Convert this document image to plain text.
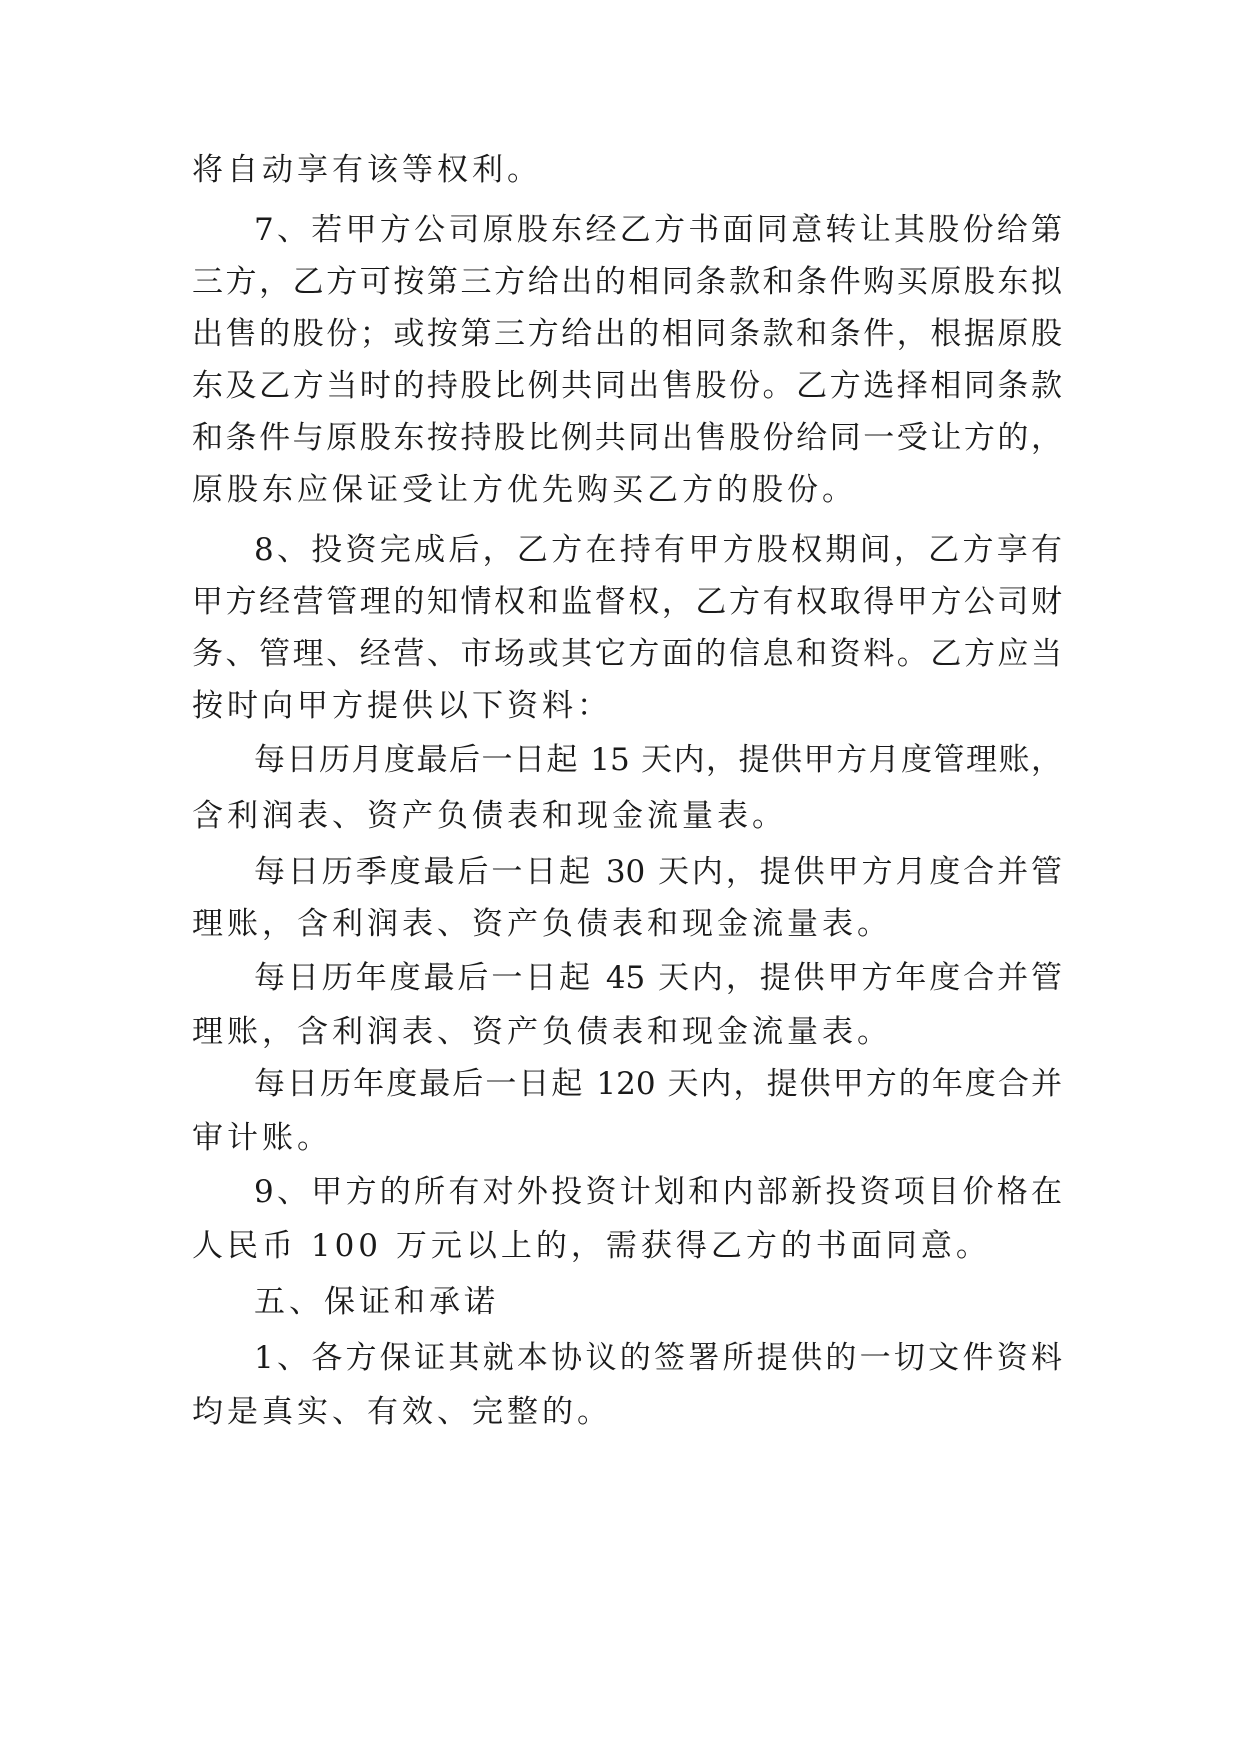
将自动享有该等权利。
7、若甲方公司原股东经乙方书面同意转让其股份给第
三方，乙方可按第三方给出的相同条款和条件购买原股东拟
出售的股份；或按第三方给出的相同条款和条件，根据原股
东及乙方当时的持股比例共同出售股份。乙方选择相同条款
和条件与原股东按持股比例共同出售股份给同一受让方的，
原股东应保证受让方优先购买乙方的股份。
8、投资完成后，乙方在持有甲方股权期间，乙方享有
甲方经营管理的知情权和监督权，乙方有权取得甲方公司财
务、管理、经营、市场或其它方面的信息和资料。乙方应当
按时向甲方提供以下资料：
每日历月度最后一日起 15 天内，提供甲方月度管理账，
含利润表、资产负债表和现金流量表。
每日历季度最后一日起 30 天内，提供甲方月度合并管
理账，含利润表、资产负债表和现金流量表。
每日历年度最后一日起 45 天内，提供甲方年度合并管
理账，含利润表、资产负债表和现金流量表。
每日历年度最后一日起 120 天内，提供甲方的年度合并
审计账。
9、甲方的所有对外投资计划和内部新投资项目价格在
人民币 100 万元以上的，需获得乙方的书面同意。
五、保证和承诺
1、各方保证其就本协议的签署所提供的一切文件资料
均是真实、有效、完整的。
